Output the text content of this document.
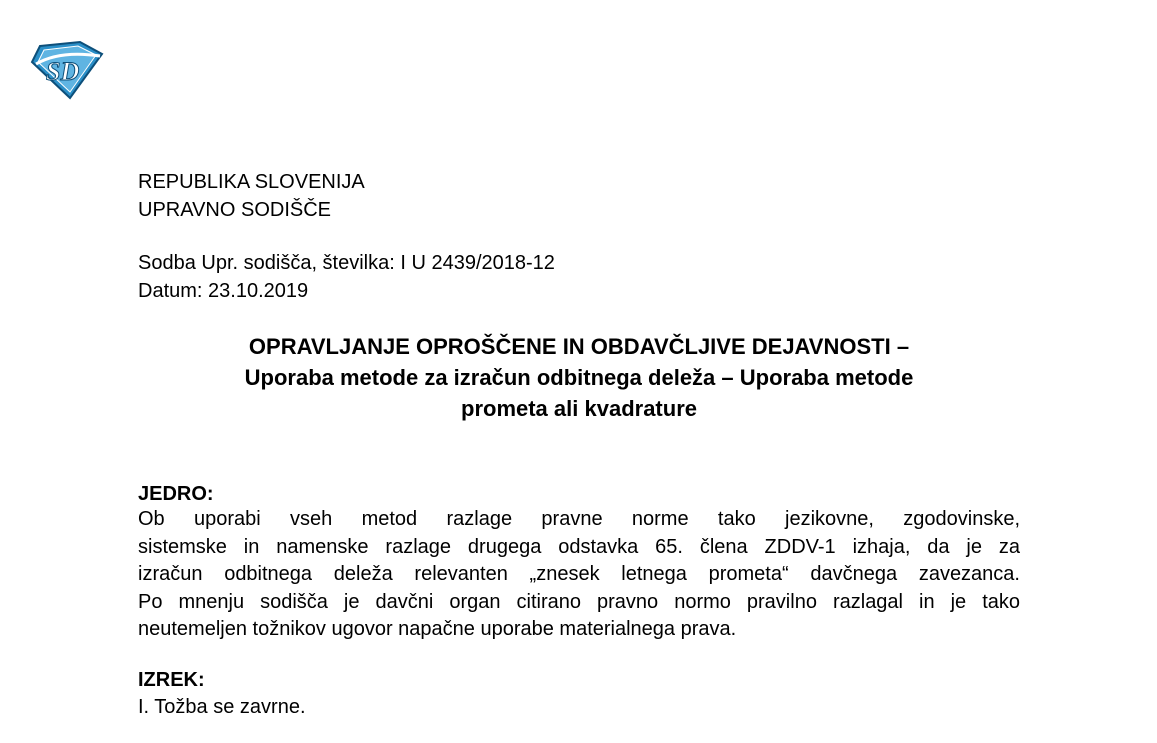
SD
REPUBLIKA SLOVENIJA
UPRAVNO SODIŠČE
Sodba Upr. sodišča, številka: I U 2439/2018-12
Datum: 23.10.2019
OPRAVLJANJE OPROŠČENE IN OBDAVČLJIVE DEJAVNOSTI –
Uporaba metode za izračun odbitnega deleža – Uporaba metode
prometa ali kvadrature
JEDRO:
Ob uporabi vseh metod razlage pravne norme tako jezikovne, zgodovinske,
sistemske in namenske razlage drugega odstavka 65. člena ZDDV-1 izhaja, da je za
izračun odbitnega deleža relevanten „znesek letnega prometa“ davčnega zavezanca.
Po mnenju sodišča je davčni organ citirano pravno normo pravilno razlagal in je tako
neutemeljen tožnikov ugovor napačne uporabe materialnega prava.
IZREK:
I. Tožba se zavrne.
